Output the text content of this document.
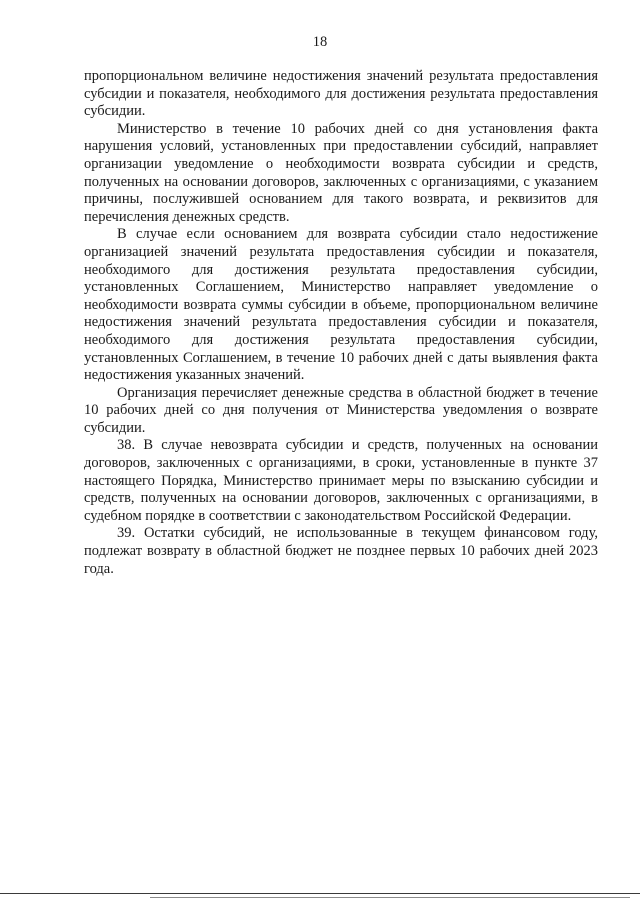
18

пропорциональном величине недостижения значений результата предоставления субсидии и показателя, необходимого для достижения результата предоставления субсидии.

Министерство в течение 10 рабочих дней со дня установления факта нарушения условий, установленных при предоставлении субсидий, направляет организации уведомление о необходимости возврата субсидии и средств, полученных на основании договоров, заключенных с организациями, с указанием причины, послужившей основанием для такого возврата, и реквизитов для перечисления денежных средств.

В случае если основанием для возврата субсидии стало недостижение организацией значений результата предоставления субсидии и показателя, необходимого для достижения результата предоставления субсидии, установленных Соглашением, Министерство направляет уведомление о необходимости возврата суммы субсидии в объеме, пропорциональном величине недостижения значений результата предоставления субсидии и показателя, необходимого для достижения результата предоставления субсидии, установленных Соглашением, в течение 10 рабочих дней с даты выявления факта недостижения указанных значений.

Организация перечисляет денежные средства в областной бюджет в течение 10 рабочих дней со дня получения от Министерства уведомления о возврате субсидии.

38. В случае невозврата субсидии и средств, полученных на основании договоров, заключенных с организациями, в сроки, установленные в пункте 37 настоящего Порядка, Министерство принимает меры по взысканию субсидии и средств, полученных на основании договоров, заключенных с организациями, в судебном порядке в соответствии с законодательством Российской Федерации.

39. Остатки субсидий, не использованные в текущем финансовом году, подлежат возврату в областной бюджет не позднее первых 10 рабочих дней 2023 года.
